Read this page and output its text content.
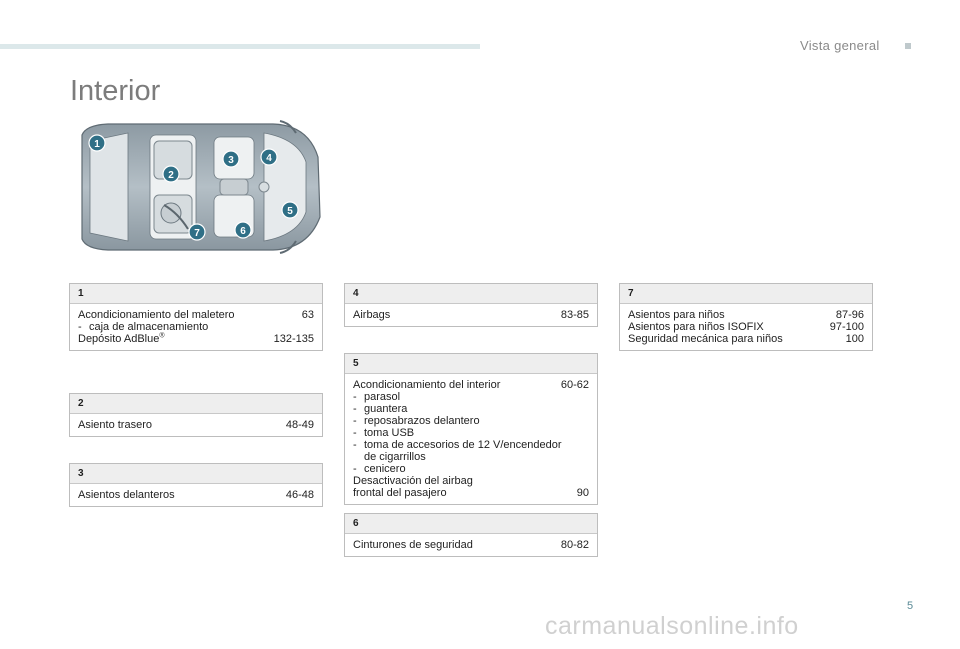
Vista general
Interior
1
2
3	4
5
6
7
1
Acondicionamiento del maletero	63
- caja de almacenamiento
Depósito AdBlue®	132-135
2
Asiento trasero	48-49
3
Asientos delanteros	46-48
4
Airbags	83-85
5
Acondicionamiento del interior	60-62
- parasol
- guantera
- reposabrazos delantero
- toma USB
- toma de accesorios de 12 V/encendedor de cigarrillos
- cenicero
Desactivación del airbag
frontal del pasajero	90
6
Cinturones de seguridad	80-82
7
Asientos para niños	87-96
Asientos para niños ISOFIX	97-100
Seguridad mecánica para niños	100
5
carmanualsonline.info
